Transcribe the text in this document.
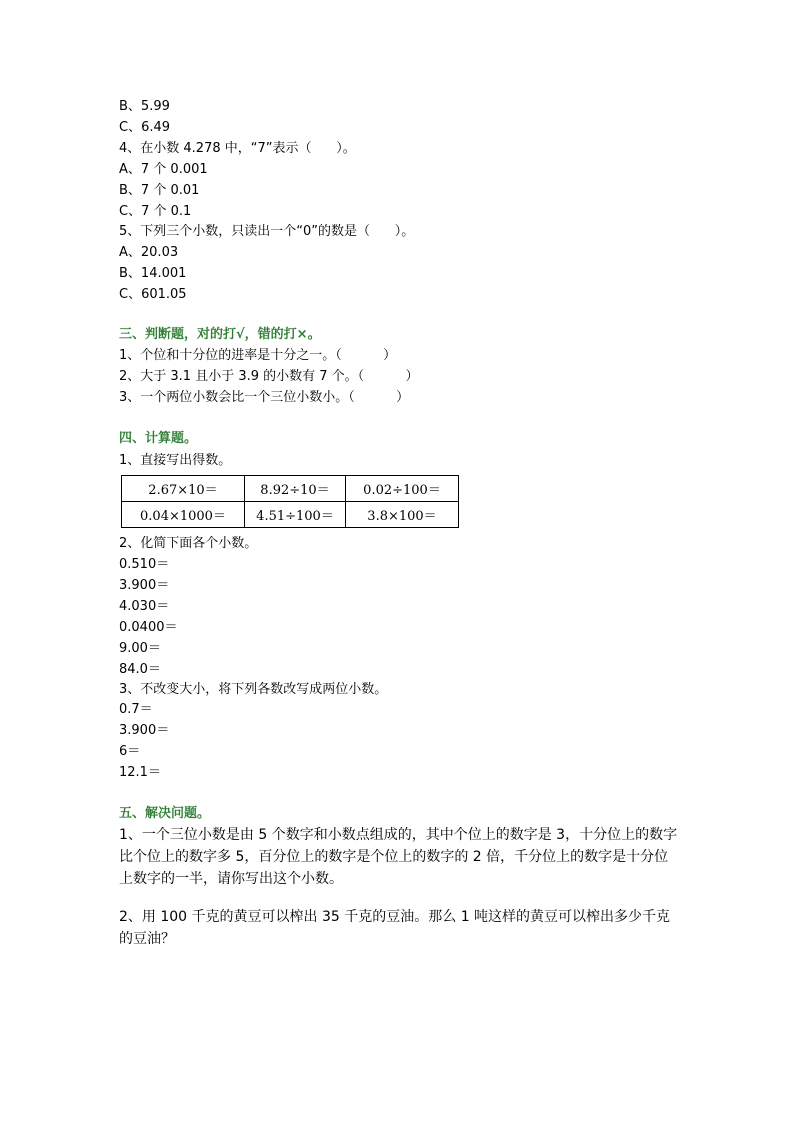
B、5.99
C、6.49
4、在小数 4.278 中，“7”表示（      ）。
A、7 个 0.001
B、7 个 0.01
C、7 个 0.1
5、下列三个小数，只读出一个“0”的数是（      ）。
A、20.03
B、14.001
C、601.05
三、判断题，对的打√，错的打×。
1、个位和十分位的进率是十分之一。（          ）
2、大于 3.1 且小于 3.9 的小数有 7 个。（          ）
3、一个两位小数会比一个三位小数小。（          ）
四、计算题。
1、直接写出得数。
2.67×10＝	8.92÷10＝	0.02÷100＝
0.04×1000＝	4.51÷100＝	3.8×100＝
2、化简下面各个小数。
0.510＝
3.900＝
4.030＝
0.0400＝
9.00＝
84.0＝
3、不改变大小，将下列各数改写成两位小数。
0.7＝
3.900＝
6＝
12.1＝
五、解决问题。
1、一个三位小数是由 5 个数字和小数点组成的，其中个位上的数字是 3，十分位上的数字比个位上的数字多 5，百分位上的数字是个位上的数字的 2 倍，千分位上的数字是十分位上数字的一半，请你写出这个小数。
2、用 100 千克的黄豆可以榨出 35 千克的豆油。那么 1 吨这样的黄豆可以榨出多少千克的豆油？
